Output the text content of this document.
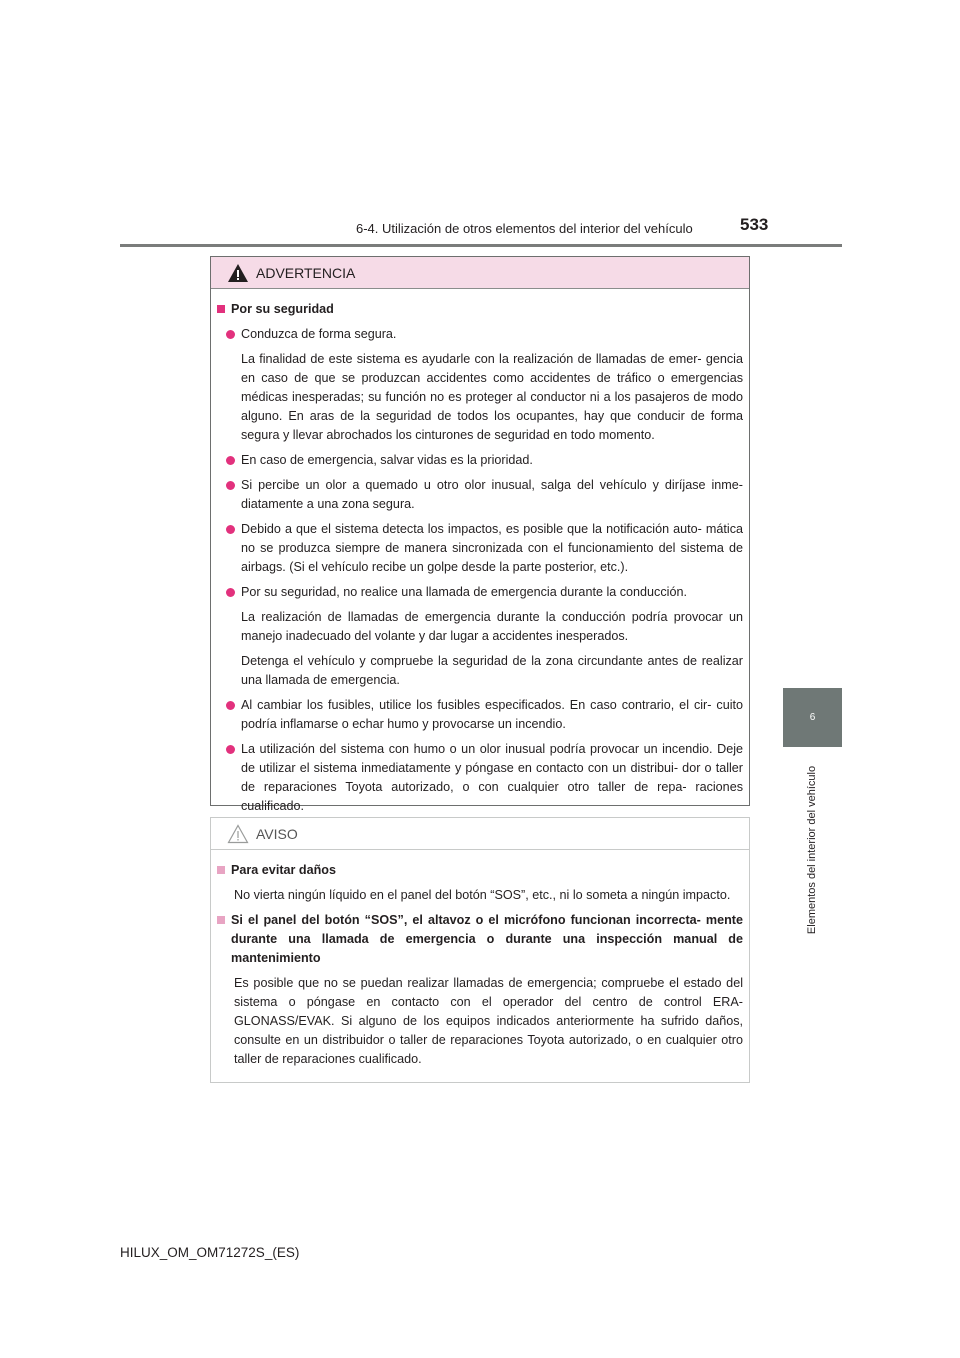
6-4. Utilización de otros elementos del interior del vehículo	533
6
Elementos del interior del vehículo
ADVERTENCIA
Por su seguridad
Conduzca de forma segura.
La finalidad de este sistema es ayudarle con la realización de llamadas de emer- gencia en caso de que se produzcan accidentes como accidentes de tráfico o emergencias médicas inesperadas; su función no es proteger al conductor ni a los pasajeros de modo alguno. En aras de la seguridad de todos los ocupantes, hay que conducir de forma segura y llevar abrochados los cinturones de seguridad en todo momento.
En caso de emergencia, salvar vidas es la prioridad.
Si percibe un olor a quemado u otro olor inusual, salga del vehículo y diríjase inme- diatamente a una zona segura.
Debido a que el sistema detecta los impactos, es posible que la notificación auto- mática no se produzca siempre de manera sincronizada con el funcionamiento del sistema de airbags. (Si el vehículo recibe un golpe desde la parte posterior, etc.).
Por su seguridad, no realice una llamada de emergencia durante la conducción.
La realización de llamadas de emergencia durante la conducción podría provocar un manejo inadecuado del volante y dar lugar a accidentes inesperados.
Detenga el vehículo y compruebe la seguridad de la zona circundante antes de realizar una llamada de emergencia.
Al cambiar los fusibles, utilice los fusibles especificados. En caso contrario, el cir- cuito podría inflamarse o echar humo y provocarse un incendio.
La utilización del sistema con humo o un olor inusual podría provocar un incendio. Deje de utilizar el sistema inmediatamente y póngase en contacto con un distribui- dor o taller de reparaciones Toyota autorizado, o con cualquier otro taller de repa- raciones cualificado.
AVISO
Para evitar daños
No vierta ningún líquido en el panel del botón “SOS”, etc., ni lo someta a ningún impacto.
Si el panel del botón “SOS”, el altavoz o el micrófono funcionan incorrecta- mente durante una llamada de emergencia o durante una inspección manual de mantenimiento
Es posible que no se puedan realizar llamadas de emergencia; compruebe el estado del sistema o póngase en contacto con el operador del centro de control ERA- GLONASS/EVAK. Si alguno de los equipos indicados anteriormente ha sufrido daños, consulte en un distribuidor o taller de reparaciones Toyota autorizado, o en cualquier otro taller de reparaciones cualificado.
HILUX_OM_OM71272S_(ES)
